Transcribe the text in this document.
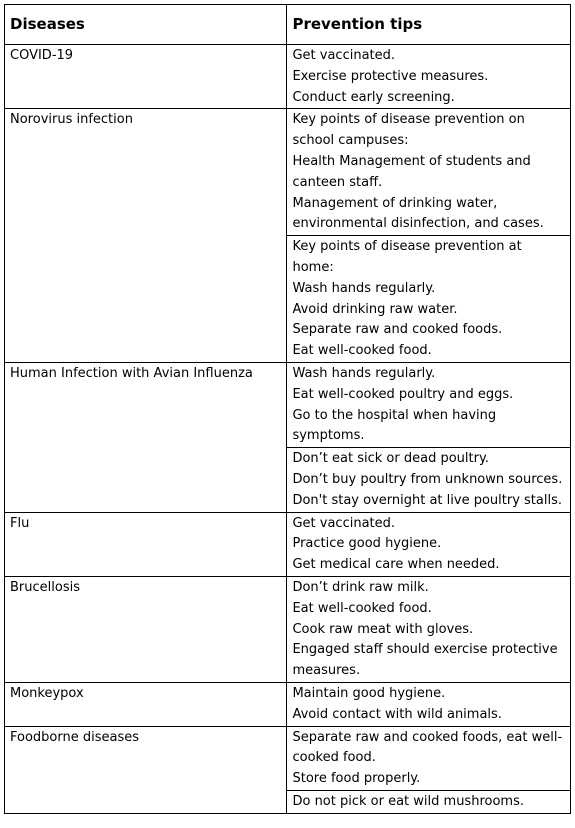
Diseases	Prevention tips
COVID-19	Get vaccinated.
Exercise protective measures.
Conduct early screening.

Norovirus infection	Key points of disease prevention on school campuses:
Health Management of students and canteen staff.
Management of drinking water, environmental disinfection, and cases.

	Key points of disease prevention at home:
Wash hands regularly.
Avoid drinking raw water.
Separate raw and cooked foods.
Eat well-cooked food.

Human Infection with Avian Influenza	Wash hands regularly.
Eat well-cooked poultry and eggs.
Go to the hospital when having symptoms.

	Don’t eat sick or dead poultry.
Don’t buy poultry from unknown sources.
Don't stay overnight at live poultry stalls.

Flu	Get vaccinated.
Practice good hygiene.
Get medical care when needed.

Brucellosis	Don’t drink raw milk.
Eat well-cooked food.
Cook raw meat with gloves.
Engaged staff should exercise protective measures.

Monkeypox	Maintain good hygiene.
Avoid contact with wild animals.

Foodborne diseases	Separate raw and cooked foods, eat well-cooked food.
Store food properly.

	Do not pick or eat wild mushrooms.
